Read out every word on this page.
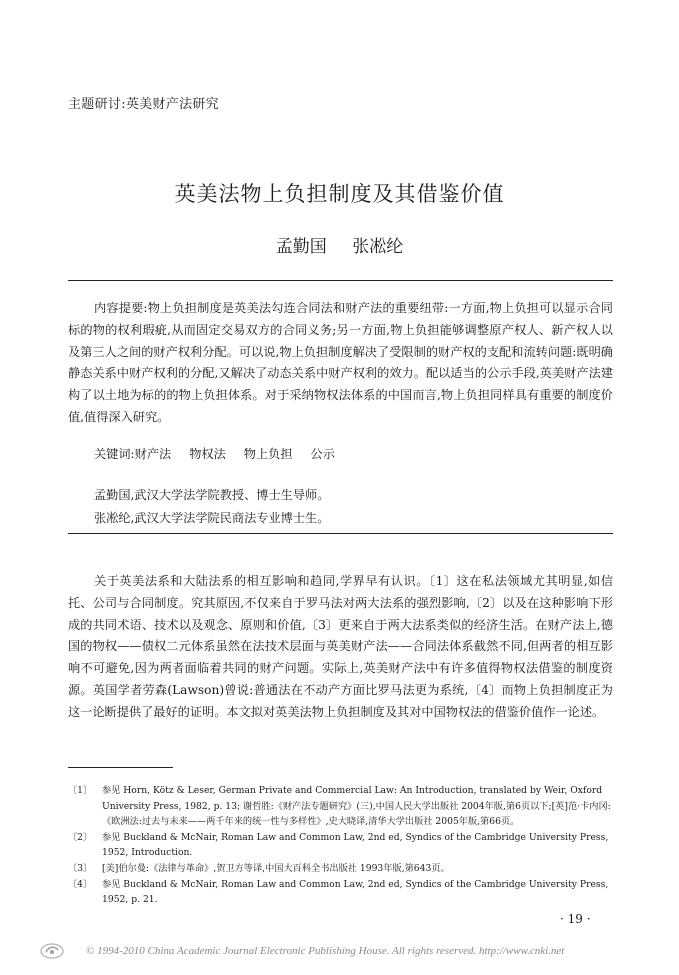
主题研讨:英美财产法研究
英美法物上负担制度及其借鉴价值
孟勤国 张凇纶

内容提要:物上负担制度是英美法勾连合同法和财产法的重要纽带:一方面,物上负担可以显示合同标的物的权利瑕疵,从而固定交易双方的合同义务;另一方面,物上负担能够调整原产权人、新产权人以及第三人之间的财产权利分配。可以说,物上负担制度解决了受限制的财产权的支配和流转问题:既明确静态关系中财产权利的分配,又解决了动态关系中财产权利的效力。配以适当的公示手段,英美财产法建构了以土地为标的的物上负担体系。对于采纳物权法体系的中国而言,物上负担同样具有重要的制度价值,值得深入研究。

关键词:财产法 物权法 物上负担 公示
孟勤国,武汉大学法学院教授、博士生导师。
张凇纶,武汉大学法学院民商法专业博士生。

关于英美法系和大陆法系的相互影响和趋同,学界早有认识。〔1〕这在私法领域尤其明显,如信托、公司与合同制度。究其原因,不仅来自于罗马法对两大法系的强烈影响,〔2〕以及在这种影响下形成的共同术语、技术以及观念、原则和价值,〔3〕更来自于两大法系类似的经济生活。在财产法上,德国的物权——债权二元体系虽然在法技术层面与英美财产法——合同法体系截然不同,但两者的相互影响不可避免,因为两者面临着共同的财产问题。实际上,英美财产法中有许多值得物权法借鉴的制度资源。英国学者劳森(Lawson)曾说:普通法在不动产方面比罗马法更为系统,〔4〕而物上负担制度正为这一论断提供了最好的证明。本文拟对英美法物上负担制度及其对中国物权法的借鉴价值作一论述。

〔1〕 参见 Horn, Kötz & Leser, German Private and Commercial Law: An Introduction, translated by Weir, Oxford University Press, 1982, p. 13; 谢哲胜:《财产法专题研究》(三),中国人民大学出版社 2004年版,第6页以下;[英]范·卡内冈:《欧洲法:过去与未来——两千年来的统一性与多样性》,史大晓译,清华大学出版社 2005年版,第66页。
〔2〕 参见 Buckland & McNair, Roman Law and Common Law, 2nd ed, Syndics of the Cambridge University Press, 1952, Introduction.
〔3〕 [美]伯尔曼:《法律与革命》,贺卫方等译,中国大百科全书出版社 1993年版,第643页。
〔4〕 参见 Buckland & McNair, Roman Law and Common Law, 2nd ed, Syndics of the Cambridge University Press, 1952, p. 21.
· 19 ·
© 1994-2010 China Academic Journal Electronic Publishing House. All rights reserved. http://www.cnki.net
